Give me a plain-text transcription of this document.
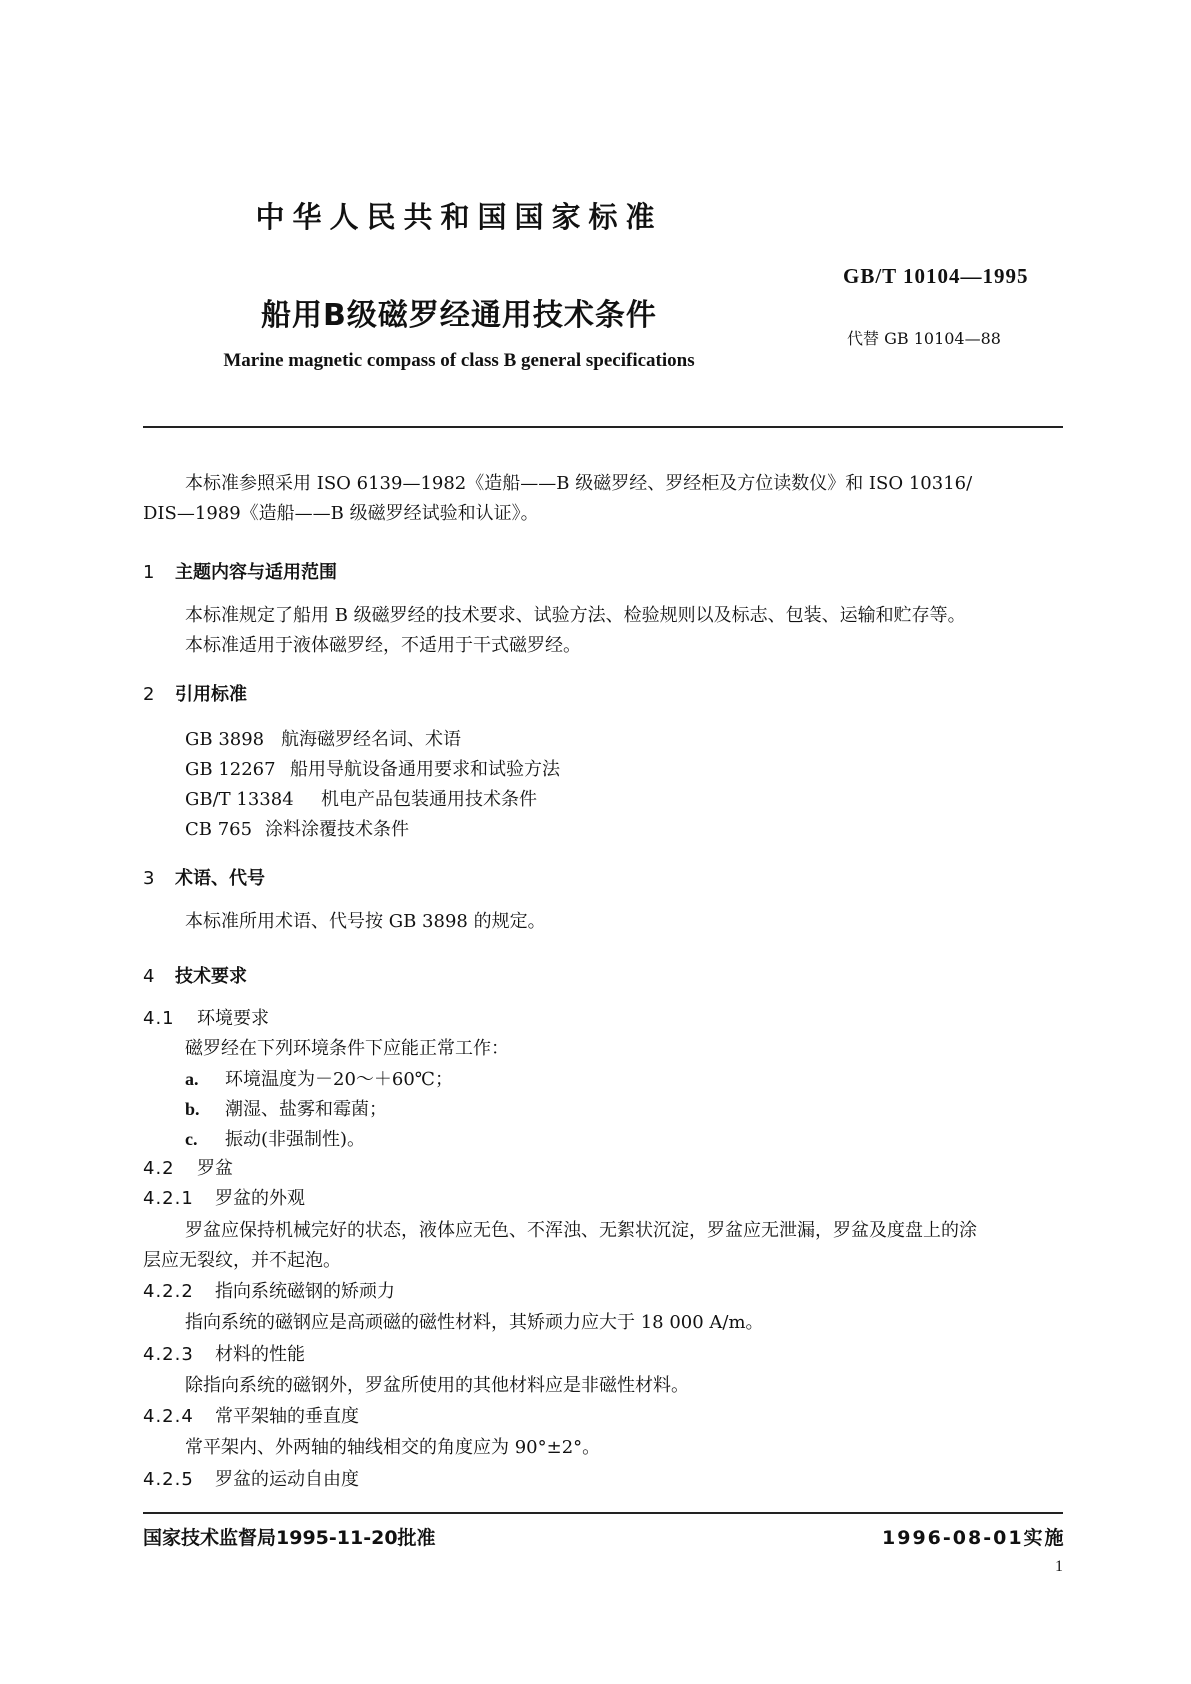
中华人民共和国国家标准
GB/T 10104—1995
船用B级磁罗经通用技术条件
代替 GB 10104—88
Marine magnetic compass of class B general specifications
本标准参照采用 ISO 6139—1982《造船——B 级磁罗经、罗经柜及方位读数仪》和 ISO 10316/
DIS—1989《造船——B 级磁罗经试验和认证》。
1 主题内容与适用范围
本标准规定了船用 B 级磁罗经的技术要求、试验方法、检验规则以及标志、包装、运输和贮存等。
本标准适用于液体磁罗经，不适用于干式磁罗经。
2 引用标准
GB 3898 航海磁罗经名词、术语
GB 12267 船用导航设备通用要求和试验方法
GB/T 13384 机电产品包装通用技术条件
CB 765 涂料涂覆技术条件
3 术语、代号
本标准所用术语、代号按 GB 3898 的规定。
4 技术要求
4.1 环境要求
磁罗经在下列环境条件下应能正常工作：
a. 环境温度为－20～＋60℃；
b. 潮湿、盐雾和霉菌；
c. 振动(非强制性)。
4.2 罗盆
4.2.1 罗盆的外观
罗盆应保持机械完好的状态，液体应无色、不浑浊、无絮状沉淀，罗盆应无泄漏，罗盆及度盘上的涂
层应无裂纹，并不起泡。
4.2.2 指向系统磁钢的矫顽力
指向系统的磁钢应是高顽磁的磁性材料，其矫顽力应大于 18 000 A/m。
4.2.3 材料的性能
除指向系统的磁钢外，罗盆所使用的其他材料应是非磁性材料。
4.2.4 常平架轴的垂直度
常平架内、外两轴的轴线相交的角度应为 90°±2°。
4.2.5 罗盆的运动自由度
国家技术监督局1995-11-20批准	1996-08-01实施
1
